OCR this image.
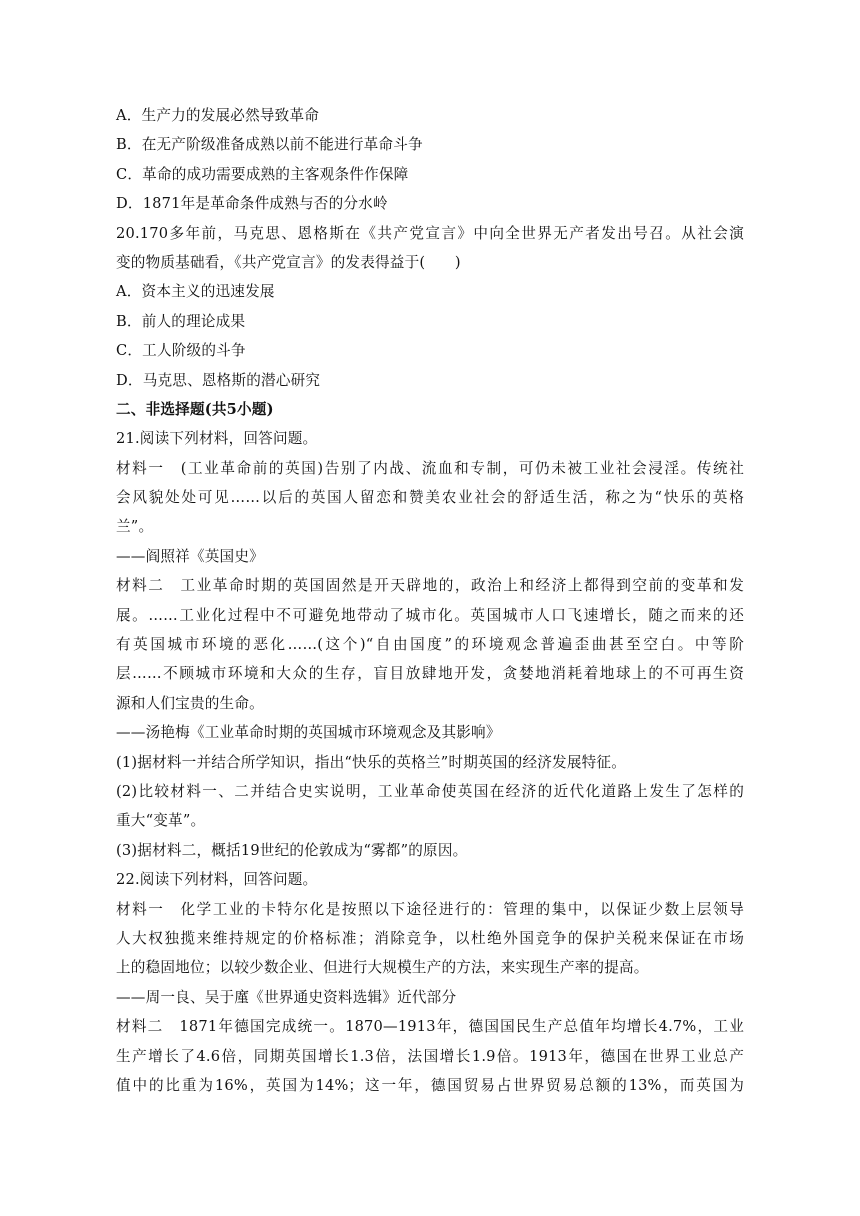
A．生产力的发展必然导致革命
B．在无产阶级准备成熟以前不能进行革命斗争
C．革命的成功需要成熟的主客观条件作保障
D．1871年是革命条件成熟与否的分水岭
20.170多年前，马克思、恩格斯在《共产党宣言》中向全世界无产者发出号召。从社会演
变的物质基础看，《共产党宣言》的发表得益于(　　)
A．资本主义的迅速发展
B．前人的理论成果
C．工人阶级的斗争
D．马克思、恩格斯的潜心研究
二、非选择题(共5小题)
21.阅读下列材料，回答问题。
材料一　(工业革命前的英国)告别了内战、流血和专制，可仍未被工业社会浸淫。传统社
会风貌处处可见……以后的英国人留恋和赞美农业社会的舒适生活，称之为“快乐的英格
兰”。
——阎照祥《英国史》
材料二　工业革命时期的英国固然是开天辟地的，政治上和经济上都得到空前的变革和发
展。……工业化过程中不可避免地带动了城市化。英国城市人口飞速增长，随之而来的还
有英国城市环境的恶化……(这个)“自由国度”的环境观念普遍歪曲甚至空白。中等阶
层……不顾城市环境和大众的生存，盲目放肆地开发，贪婪地消耗着地球上的不可再生资
源和人们宝贵的生命。
——汤艳梅《工业革命时期的英国城市环境观念及其影响》
(1)据材料一并结合所学知识，指出“快乐的英格兰”时期英国的经济发展特征。
(2)比较材料一、二并结合史实说明，工业革命使英国在经济的近代化道路上发生了怎样的
重大“变革”。
(3)据材料二，概括19世纪的伦敦成为“雾都”的原因。
22.阅读下列材料，回答问题。
材料一　化学工业的卡特尔化是按照以下途径进行的：管理的集中，以保证少数上层领导
人大权独揽来维持规定的价格标准；消除竞争，以杜绝外国竞争的保护关税来保证在市场
上的稳固地位；以较少数企业、但进行大规模生产的方法，来实现生产率的提高。
——周一良、吴于廑《世界通史资料选辑》近代部分
材料二　1871年德国完成统一。1870—1913年，德国国民生产总值年均增长4.7%，工业
生产增长了4.6倍，同期英国增长1.3倍，法国增长1.9倍。1913年，德国在世界工业总产
值中的比重为16%，英国为14%；这一年，德国贸易占世界贸易总额的13%，而英国为
